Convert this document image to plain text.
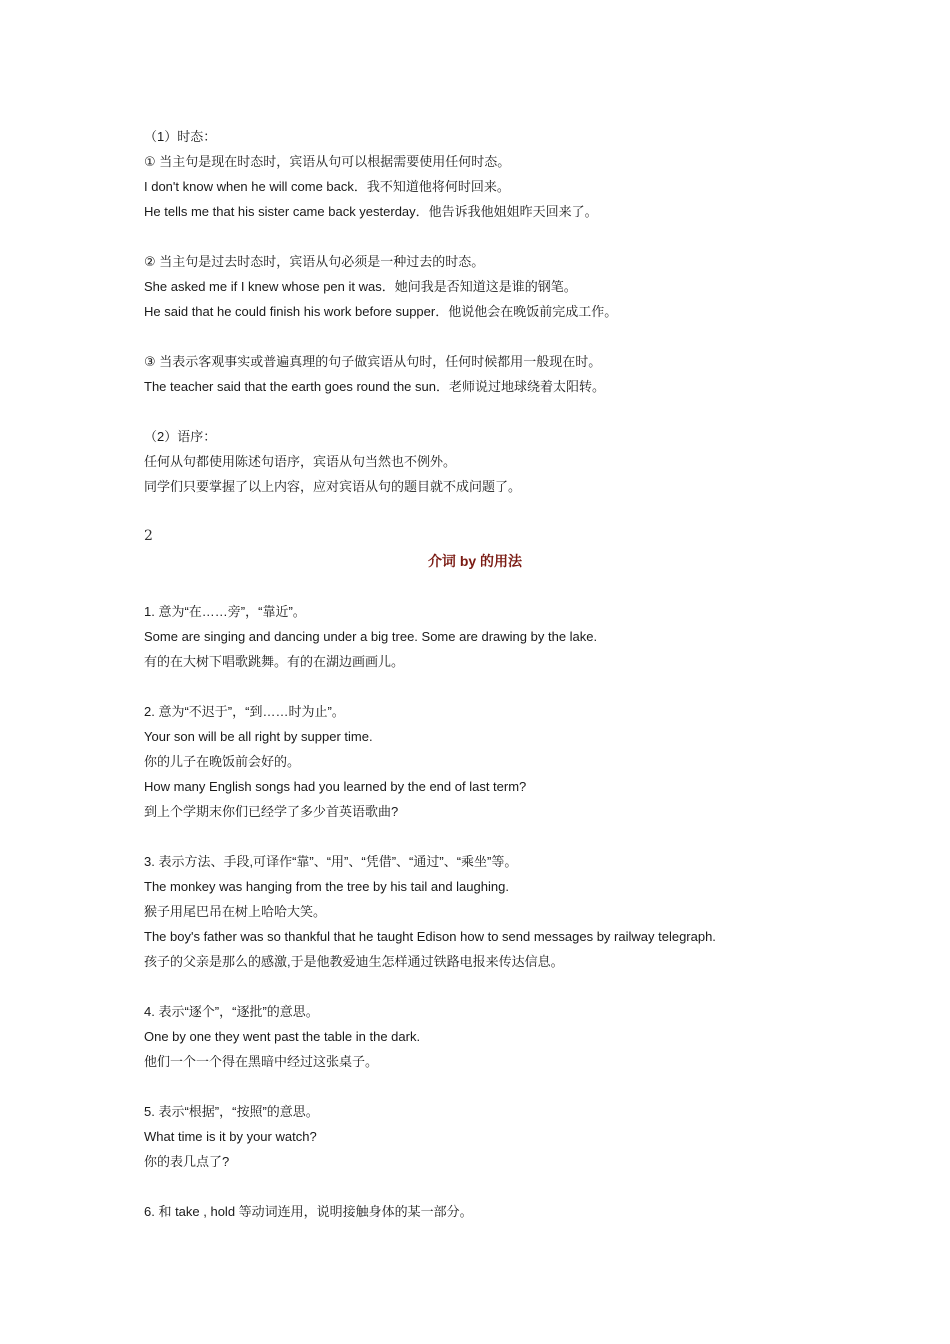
（1）时态：
① 当主句是现在时态时，宾语从句可以根据需要使用任何时态。
I don't know when he will come back．我不知道他将何时回来。
He tells me that his sister came back yesterday．他告诉我他姐姐昨天回来了。
② 当主句是过去时态时，宾语从句必须是一种过去的时态。
She asked me if I knew whose pen it was．她问我是否知道这是谁的钢笔。
He said that he could finish his work before supper．他说他会在晚饭前完成工作。
③ 当表示客观事实或普遍真理的句子做宾语从句时，任何时候都用一般现在时。
The teacher said that the earth goes round the sun．老师说过地球绕着太阳转。
（2）语序：
任何从句都使用陈述句语序，宾语从句当然也不例外。
同学们只要掌握了以上内容，应对宾语从句的题目就不成问题了。
2
介词 by 的用法
1. 意为“在……旁”，“靠近”。
Some are singing and dancing under a big tree. Some are drawing by the lake.
有的在大树下唱歌跳舞。有的在湖边画画儿。
2. 意为“不迟于”，“到……时为止”。
Your son will be all right by supper time.
你的儿子在晚饭前会好的。
How many English songs had you learned by the end of last term?
到上个学期末你们已经学了多少首英语歌曲?
3. 表示方法、手段,可译作“靠”、“用”、“凭借”、“通过”、“乘坐”等。
The monkey was hanging from the tree by his tail and laughing.
猴子用尾巴吊在树上哈哈大笑。
The boy's father was so thankful that he taught Edison how to send messages by railway telegraph.
孩子的父亲是那么的感激,于是他教爱迪生怎样通过铁路电报来传达信息。
4. 表示“逐个”，“逐批”的意思。
One by one they went past the table in the dark.
他们一个一个得在黑暗中经过这张桌子。
5. 表示“根据”，“按照”的意思。
What time is it by your watch?
你的表几点了?
6. 和 take , hold 等动词连用，说明接触身体的某一部分。
